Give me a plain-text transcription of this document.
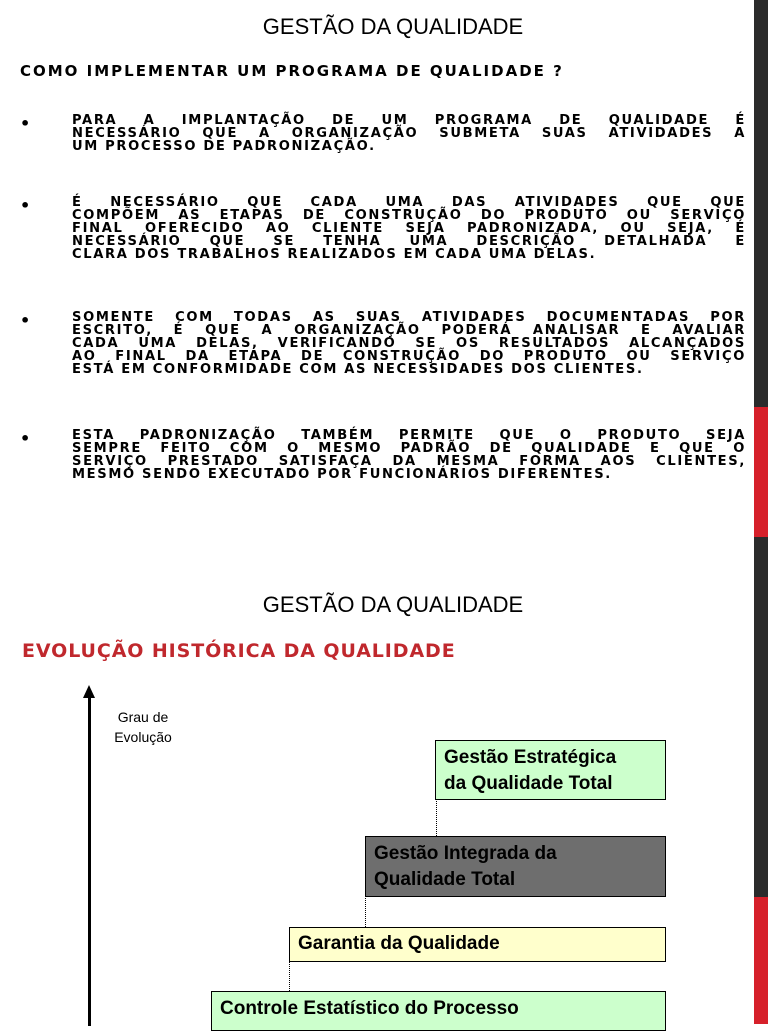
GESTÃO DA QUALIDADE
COMO IMPLEMENTAR UM PROGRAMA DE QUALIDADE ?
•	PARA A IMPLANTAÇÃO DE UM PROGRAMA DE QUALIDADE É
NECESSÁRIO QUE A ORGANIZAÇÃO SUBMETA SUAS ATIVIDADES A
UM PROCESSO DE PADRONIZAÇÃO.
•	É NECESSÁRIO QUE CADA UMA DAS ATIVIDADES QUE QUE
COMPÕEM AS ETAPAS DE CONSTRUÇÃO DO PRODUTO OU SERVIÇO
FINAL OFERECIDO AO CLIENTE SEJA PADRONIZADA, OU SEJA, É
NECESSÁRIO QUE SE TENHA UMA DESCRIÇÃO DETALHADA E
CLARA DOS TRABALHOS REALIZADOS EM CADA UMA DELAS.
•	SOMENTE COM TODAS AS SUAS ATIVIDADES DOCUMENTADAS POR
ESCRITO, É QUE A ORGANIZAÇÃO PODERÁ ANALISAR E AVALIAR
CADA UMA DELAS, VERIFICANDO SE OS RESULTADOS ALCANÇADOS
AO FINAL DA ETAPA DE CONSTRUÇÃO DO PRODUTO OU SERVIÇO
ESTÁ EM CONFORMIDADE COM AS NECESSIDADES DOS CLIENTES.
•	ESTA PADRONIZAÇÃO TAMBÉM PERMITE QUE O PRODUTO SEJA
SEMPRE FEITO COM O MESMO PADRÃO DE QUALIDADE E QUE O
SERVIÇO PRESTADO SATISFAÇA DA MESMA FORMA AOS CLIENTES,
MESMO SENDO EXECUTADO POR FUNCIONÁRIOS DIFERENTES.
GESTÃO DA QUALIDADE
EVOLUÇÃO HISTÓRICA DA QUALIDADE
Grau de
Evolução
Gestão Estratégica
da Qualidade Total
Gestão Integrada da
Qualidade Total
Garantia da Qualidade
Controle Estatístico do Processo
